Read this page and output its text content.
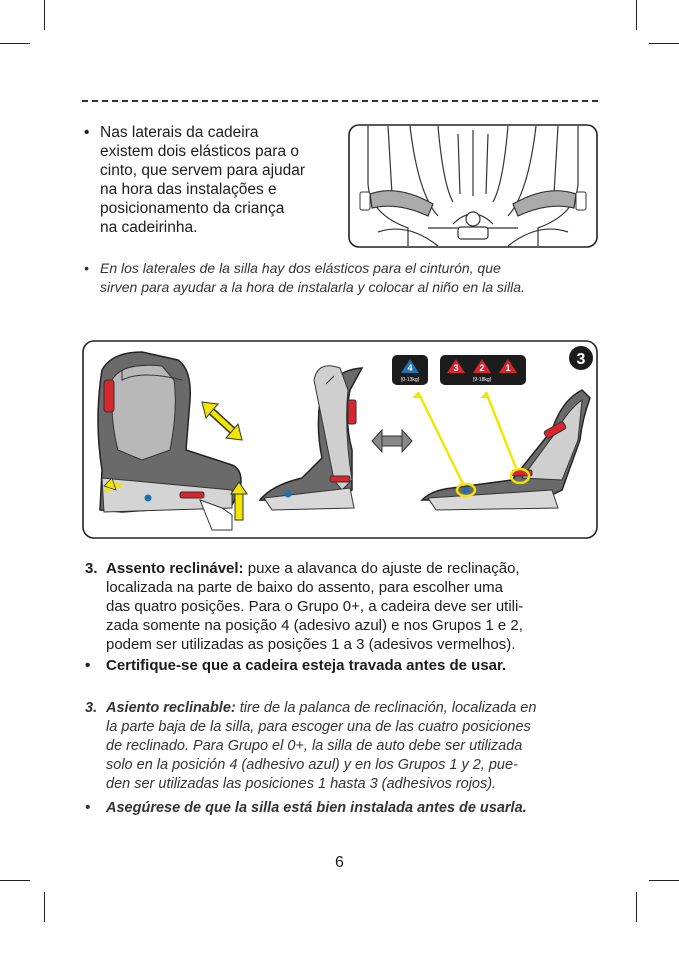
• Nas laterais da cadeira
existem dois elásticos para o
cinto, que servem para ajudar
na hora das instalações e
posicionamento da criança
na cadeirinha.
• En los laterales de la silla hay dos elásticos para el cinturón, que
sirven para ayudar a la hora de instalarla y colocar al niño en la silla.
4
(0-13kg)
3 2 1
(9-18kg)
3
3. Assento reclinável: puxe a alavanca do ajuste de reclinação,
localizada na parte de baixo do assento, para escolher uma
das quatro posições. Para o Grupo 0+, a cadeira deve ser utili-
zada somente na posição 4 (adesivo azul) e nos Grupos 1 e 2,
podem ser utilizadas as posições 1 a 3 (adesivos vermelhos).
• Certifique-se que a cadeira esteja travada antes de usar.
3. Asiento reclinable: tire de la palanca de reclinación, localizada en
la parte baja de la silla, para escoger una de las cuatro posiciones
de reclinado. Para Grupo el 0+, la silla de auto debe ser utilizada
solo en la posición 4 (adhesivo azul) y en los Grupos 1 y 2, pue-
den ser utilizadas las posiciones 1 hasta 3 (adhesivos rojos).
• Asegúrese de que la silla está bien instalada antes de usarla.
6
